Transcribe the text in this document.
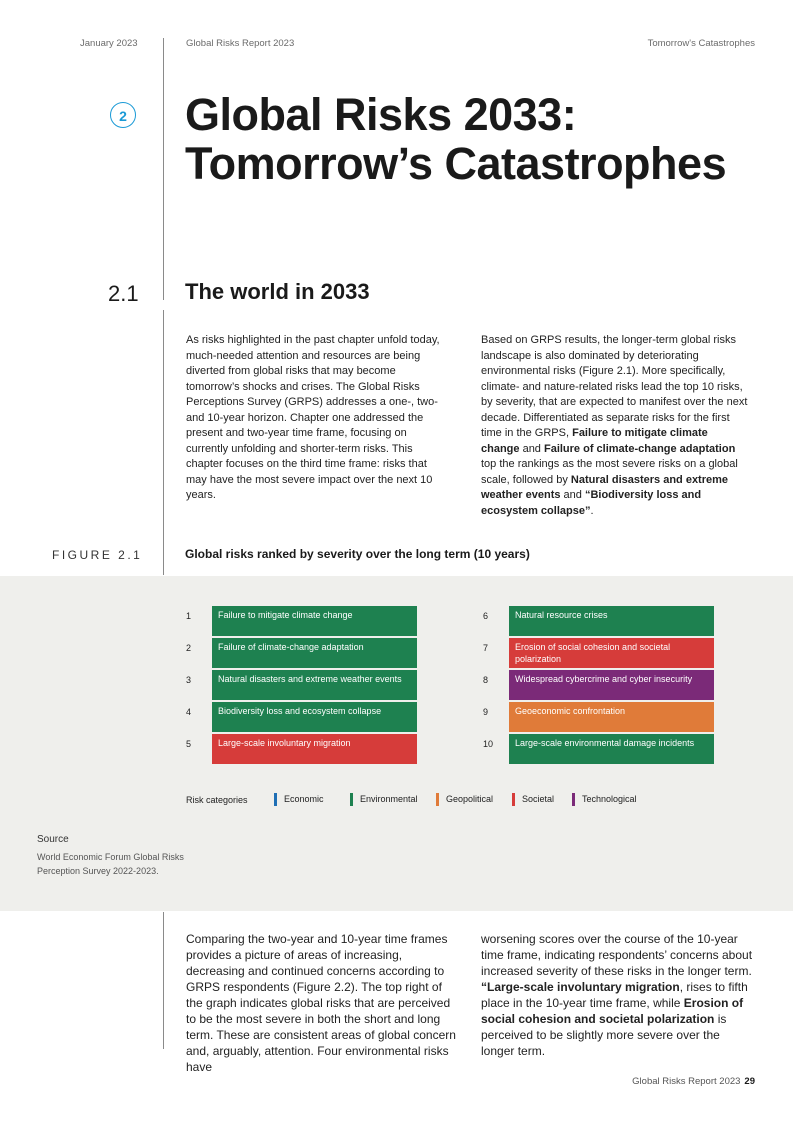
January 2023	Global Risks Report 2023	Tomorrow's Catastrophes
2 Global Risks 2033:
Tomorrow’s Catastrophes
2.1 The world in 2033

As risks highlighted in the past chapter unfold today, much-needed attention and resources are being diverted from global risks that may become tomorrow’s shocks and crises. The Global Risks Perceptions Survey (GRPS) addresses a one-, two- and 10-year horizon. Chapter one addressed the present and two-year time frame, focusing on currently unfolding and shorter-term risks. This chapter focuses on the third time frame: risks that may have the most severe impact over the next 10 years.

Based on GRPS results, the longer-term global risks landscape is also dominated by deteriorating environmental risks (Figure 2.1). More specifically, climate- and nature-related risks lead the top 10 risks, by severity, that are expected to manifest over the next decade. Differentiated as separate risks for the first time in the GRPS, Failure to mitigate climate change and Failure of climate-change adaptation top the rankings as the most severe risks on a global scale, followed by Natural disasters and extreme weather events and “Biodiversity loss and ecosystem collapse”.

FIGURE 2.1	Global risks ranked by severity over the long term (10 years)
1	Failure to mitigate climate change
2	Failure of climate-change adaptation
3	Natural disasters and extreme weather events
4	Biodiversity loss and ecosystem collapse
5	Large-scale involuntary migration
6	Natural resource crises
7	Erosion of social cohesion and societal polarization
8	Widespread cybercrime and cyber insecurity
9	Geoeconomic confrontation
10	Large-scale environmental damage incidents
Risk categories	Economic	Environmental	Geopolitical	Societal	Technological

Source

World Economic Forum Global Risks Perception Survey 2022-2023.

Comparing the two-year and 10-year time frames provides a picture of areas of increasing, decreasing and continued concerns according to GRPS respondents (Figure 2.2). The top right of the graph indicates global risks that are perceived to be the most severe in both the short and long term. These are consistent areas of global concern and, arguably, attention. Four environmental risks have

worsening scores over the course of the 10-year time frame, indicating respondents’ concerns about increased severity of these risks in the longer term. “Large-scale involuntary migration, rises to fifth place in the 10-year time frame, while Erosion of social cohesion and societal polarization is perceived to be slightly more severe over the longer term.

Global Risks Report 2023 29
